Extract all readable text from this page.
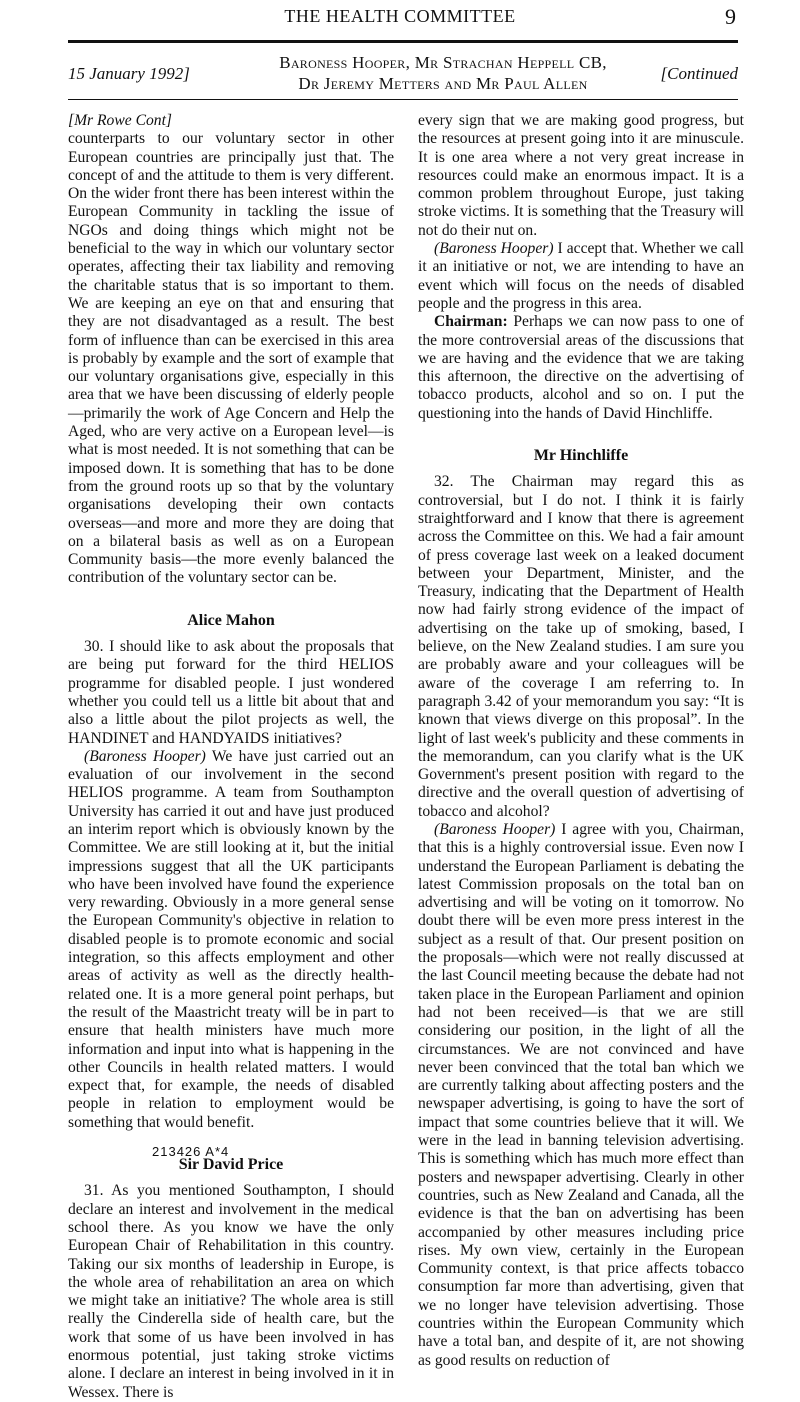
THE HEALTH COMMITTEE	9
15 January 1992]
Baroness Hooper, Mr Strachan Heppell CB,
Dr Jeremy Metters and Mr Paul Allen
[Continued

[Mr Rowe Cont]

counterparts to our voluntary sector in other European countries are principally just that. The concept of and the attitude to them is very different. On the wider front there has been interest within the European Community in tackling the issue of NGOs and doing things which might not be beneficial to the way in which our voluntary sector operates, affecting their tax liability and removing the charitable status that is so important to them. We are keeping an eye on that and ensuring that they are not disadvantaged as a result. The best form of influence than can be exercised in this area is probably by example and the sort of example that our voluntary organisations give, especially in this area that we have been discussing of elderly people—primarily the work of Age Concern and Help the Aged, who are very active on a European level—is what is most needed. It is not something that can be imposed down. It is something that has to be done from the ground roots up so that by the voluntary organisations developing their own contacts overseas—and more and more they are doing that on a bilateral basis as well as on a European Community basis—the more evenly balanced the contribution of the voluntary sector can be.

Alice Mahon

30. I should like to ask about the proposals that are being put forward for the third HELIOS programme for disabled people. I just wondered whether you could tell us a little bit about that and also a little about the pilot projects as well, the HANDINET and HANDYAIDS initiatives?

(Baroness Hooper) We have just carried out an evaluation of our involvement in the second HELIOS programme. A team from Southampton University has carried it out and have just produced an interim report which is obviously known by the Committee. We are still looking at it, but the initial impressions suggest that all the UK participants who have been involved have found the experience very rewarding. Obviously in a more general sense the European Community's objective in relation to disabled people is to promote economic and social integration, so this affects employment and other areas of activity as well as the directly health- related one. It is a more general point perhaps, but the result of the Maastricht treaty will be in part to ensure that health ministers have much more information and input into what is happening in the other Councils in health related matters. I would expect that, for example, the needs of disabled people in relation to employment would be something that would benefit.

Sir David Price

31. As you mentioned Southampton, I should declare an interest and involvement in the medical school there. As you know we have the only European Chair of Rehabilitation in this country. Taking our six months of leadership in Europe, is the whole area of rehabilitation an area on which we might take an initiative? The whole area is still really the Cinderella side of health care, but the work that some of us have been involved in has enormous potential, just taking stroke victims alone. I declare an interest in being involved in it in Wessex. There is

every sign that we are making good progress, but the resources at present going into it are minuscule. It is one area where a not very great increase in resources could make an enormous impact. It is a common problem throughout Europe, just taking stroke victims. It is something that the Treasury will not do their nut on.

(Baroness Hooper) I accept that. Whether we call it an initiative or not, we are intending to have an event which will focus on the needs of disabled people and the progress in this area.

Chairman: Perhaps we can now pass to one of the more controversial areas of the discussions that we are having and the evidence that we are taking this afternoon, the directive on the advertising of tobacco products, alcohol and so on. I put the questioning into the hands of David Hinchliffe.

Mr Hinchliffe

32. The Chairman may regard this as controversial, but I do not. I think it is fairly straightforward and I know that there is agreement across the Committee on this. We had a fair amount of press coverage last week on a leaked document between your Department, Minister, and the Treasury, indicating that the Department of Health now had fairly strong evidence of the impact of advertising on the take up of smoking, based, I believe, on the New Zealand studies. I am sure you are probably aware and your colleagues will be aware of the coverage I am referring to. In paragraph 3.42 of your memorandum you say: “It is known that views diverge on this proposal”. In the light of last week's publicity and these comments in the memorandum, can you clarify what is the UK Government's present position with regard to the directive and the overall question of advertising of tobacco and alcohol?

(Baroness Hooper) I agree with you, Chairman, that this is a highly controversial issue. Even now I understand the European Parliament is debating the latest Commission proposals on the total ban on advertising and will be voting on it tomorrow. No doubt there will be even more press interest in the subject as a result of that. Our present position on the proposals—which were not really discussed at the last Council meeting because the debate had not taken place in the European Parliament and opinion had not been received—is that we are still considering our position, in the light of all the circumstances. We are not convinced and have never been convinced that the total ban which we are currently talking about affecting posters and the newspaper advertising, is going to have the sort of impact that some countries believe that it will. We were in the lead in banning television advertising. This is something which has much more effect than posters and newspaper advertising. Clearly in other countries, such as New Zealand and Canada, all the evidence is that the ban on advertising has been accompanied by other measures including price rises. My own view, certainly in the European Community context, is that price affects tobacco consumption far more than advertising, given that we no longer have television advertising. Those countries within the European Community which have a total ban, and despite of it, are not showing as good results on reduction of

213426 A*4
